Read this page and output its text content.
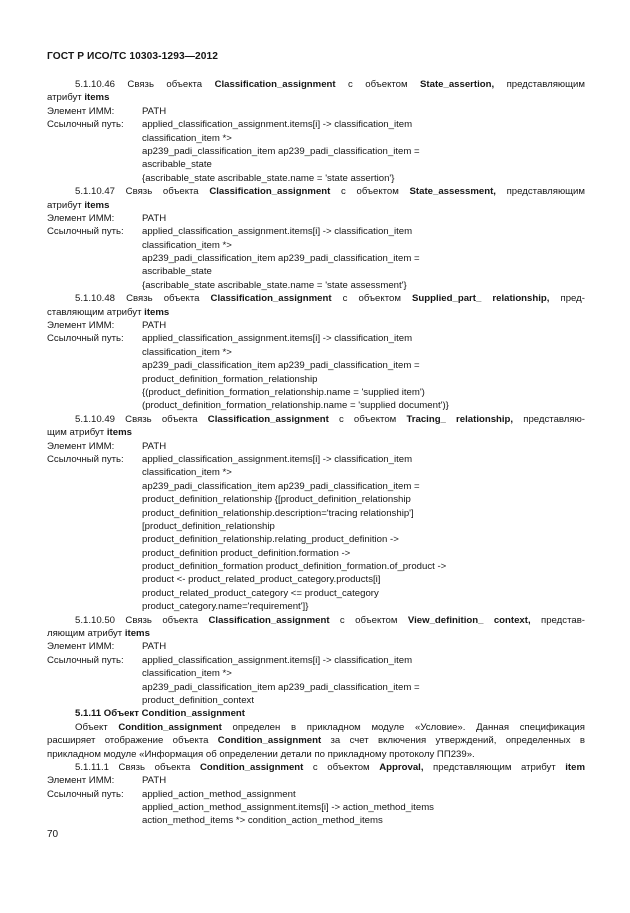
ГОСТ Р ИСО/ТС 10303-1293—2012
5.1.10.46 Связь объекта Classification_assignment с объектом State_assertion, представляющим
атрибут items
Элемент ИММ:	PATH
Ссылочный путь: applied_classification_assignment.items[i] -> classification_item
classification_item *>
ap239_padi_classification_item ap239_padi_classification_item =
ascribable_state
{ascribable_state ascribable_state.name = 'state assertion'}
5.1.10.47 Связь объекта Classification_assignment с объектом State_assessment, представляющим
атрибут items
Элемент ИММ:	PATH
Ссылочный путь: applied_classification_assignment.items[i] -> classification_item
classification_item *>
ap239_padi_classification_item ap239_padi_classification_item =
ascribable_state
{ascribable_state ascribable_state.name = 'state assessment'}
5.1.10.48 Связь объекта Classification_assignment с объектом Supplied_part_ relationship, пред-
ставляющим атрибут items
Элемент ИММ:	PATH
Ссылочный путь: applied_classification_assignment.items[i] -> classification_item
classification_item *>
ap239_padi_classification_item ap239_padi_classification_item =
product_definition_formation_relationship
{(product_definition_formation_relationship.name = 'supplied item')
(product_definition_formation_relationship.name = 'supplied document')}
5.1.10.49 Связь объекта Classification_assignment с объектом Tracing_ relationship, представляю-
щим атрибут items
Элемент ИММ:	PATH
Ссылочный путь: applied_classification_assignment.items[i] -> classification_item
classification_item *>
ap239_padi_classification_item ap239_padi_classification_item =
product_definition_relationship {[product_definition_relationship
product_definition_relationship.description='tracing relationship']
[product_definition_relationship
product_definition_relationship.relating_product_definition ->
product_definition product_definition.formation ->
product_definition_formation product_definition_formation.of_product ->
product <- product_related_product_category.products[i]
product_related_product_category <= product_category
product_category.name='requirement']}
5.1.10.50 Связь объекта Classification_assignment с объектом View_definition_ context, представ-
ляющим атрибут items
Элемент ИММ:	PATH
Ссылочный путь: applied_classification_assignment.items[i] -> classification_item
classification_item *>
ap239_padi_classification_item ap239_padi_classification_item =
product_definition_context
5.1.11 Объект Condition_assignment
Объект Condition_assignment определен в прикладном модуле «Условие». Данная спецификация
расширяет отображение объекта Condition_assignment за счет включения утверждений, определенных в
прикладном модуле «Информация об определении детали по прикладному протоколу ПП239».
5.1.11.1 Связь объекта Condition_assignment с объектом Approval, представляющим атрибут item
Элемент ИММ:	PATH
Ссылочный путь: applied_action_method_assignment
applied_action_method_assignment.items[i] -> action_method_items
action_method_items *> condition_action_method_items
70
